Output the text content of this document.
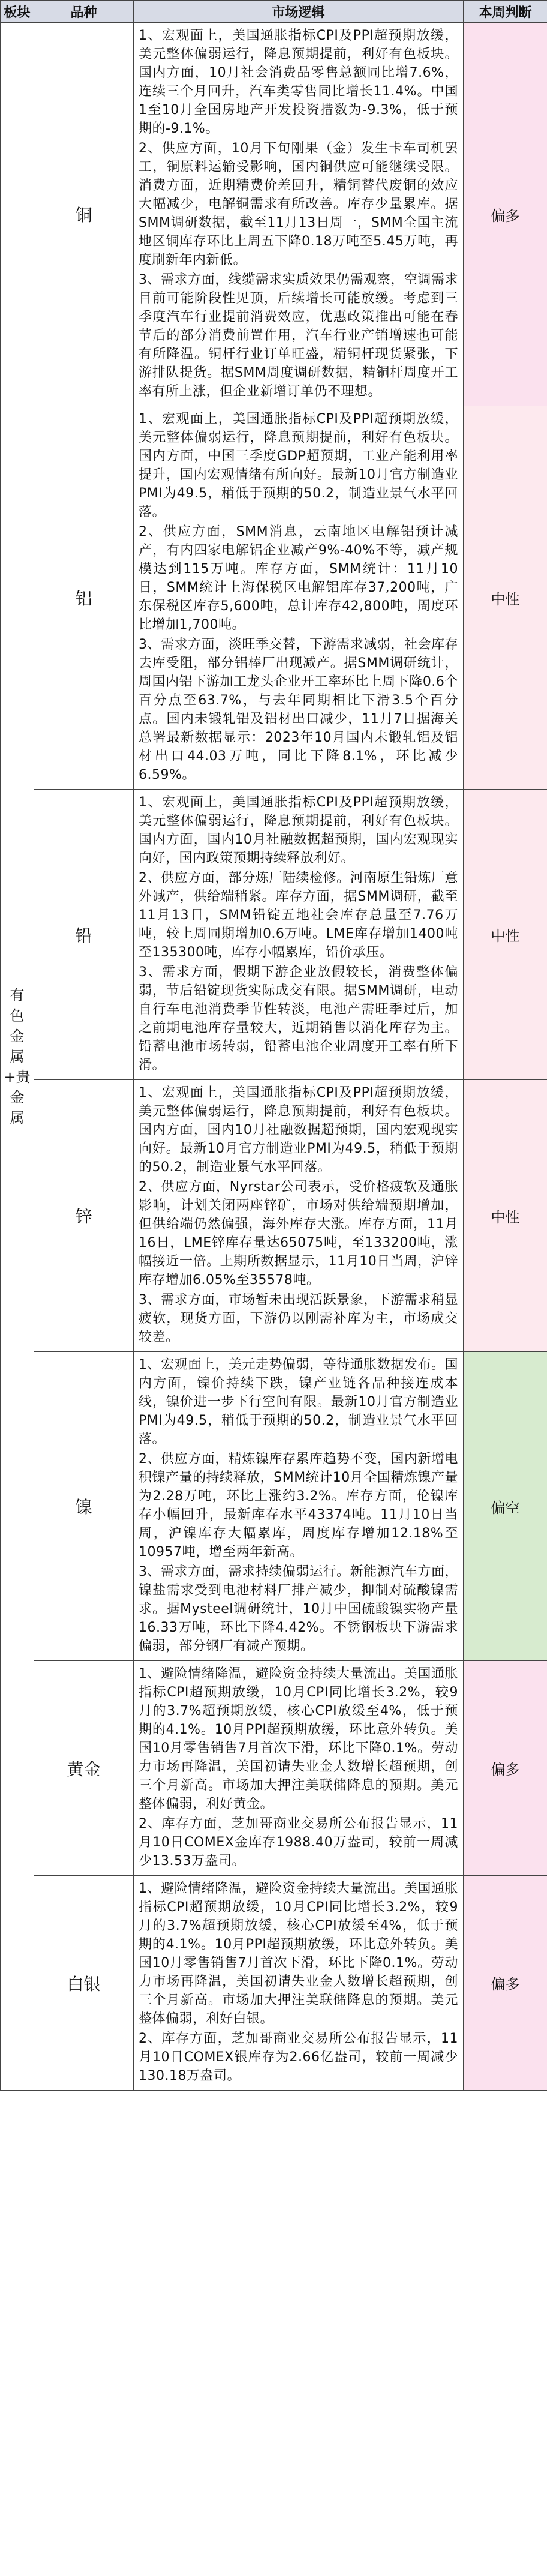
板块	品种	市场逻辑	本周判断
有色金属+贵金属	铜	1、宏观面上，美国通胀指标CPI及PPI超预期放缓，美元整体偏弱运行，降息预期提前，利好有色板块。国内方面，10月社会消费品零售总额同比增7.6%，连续三个月回升，汽车类零售同比增长11.4%。中国1至10月全国房地产开发投资措数为-9.3%，低于预期的-9.1%。
2、供应方面，10月下旬刚果（金）发生卡车司机罢工，铜原料运输受影响，国内铜供应可能继续受限。消费方面，近期精费价差回升，精铜替代废铜的效应大幅减少，电解铜需求有所改善。库存少量累库。据SMM调研数据，截至11月13日周一，SMM全国主流地区铜库存环比上周五下降0.18万吨至5.45万吨，再度刷新年内新低。
3、需求方面，线缆需求实质效果仍需观察，空调需求目前可能阶段性见顶，后续增长可能放缓。考虑到三季度汽车行业提前消费效应，优惠政策推出可能在春节后的部分消费前置作用，汽车行业产销增速也可能有所降温。铜杆行业订单旺盛，精铜杆现货紧张，下游排队提货。据SMM周度调研数据，精铜杆周度开工率有所上涨，但企业新增订单仍不理想。	偏多
	铝	1、宏观面上，美国通胀指标CPI及PPI超预期放缓，美元整体偏弱运行，降息预期提前，利好有色板块。国内方面，中国三季度GDP超预期，工业产能利用率提升，国内宏观情绪有所向好。最新10月官方制造业PMI为49.5，稍低于预期的50.2，制造业景气水平回落。
2、供应方面，SMM消息，云南地区电解铝预计减产，有内四家电解铝企业减产9%-40%不等，减产规模达到115万吨。库存方面，SMM统计：11月10日，SMM统计上海保税区电解铝库存37,200吨，广东保税区库存5,600吨，总计库存42,800吨，周度环比增加1,700吨。
3、需求方面，淡旺季交替，下游需求减弱，社会库存去库受阻，部分铝棒厂出现减产。据SMM调研统计，周国内铝下游加工龙头企业开工率环比上周下降0.6个百分点至63.7%，与去年同期相比下滑3.5个百分点。国内未锻轧铝及铝材出口减少，11月7日据海关总署最新数据显示：2023年10月国内未锻轧铝及铝材出口44.03万吨，同比下降8.1%，环比减少6.59%。	中性
	铅	1、宏观面上，美国通胀指标CPI及PPI超预期放缓，美元整体偏弱运行，降息预期提前，利好有色板块。国内方面，国内10月社融数据超预期，国内宏观现实向好，国内政策预期持续释放利好。
2、供应方面，部分炼厂陆续检修。河南原生铅炼厂意外减产，供给端稍紧。库存方面，据SMM调研，截至11月13日，SMM铅锭五地社会库存总量至7.76万吨，较上周同期增加0.6万吨。LME库存增加1400吨至135300吨，库存小幅累库，铅价承压。
3、需求方面，假期下游企业放假较长，消费整体偏弱，节后铅锭现货实际成交有限。据SMM调研，电动自行车电池消费季节性转淡，电池产需旺季过后，加之前期电池库存量较大，近期销售以消化库存为主。铅蓄电池市场转弱，铅蓄电池企业周度开工率有所下滑。	中性
	锌	1、宏观面上，美国通胀指标CPI及PPI超预期放缓，美元整体偏弱运行，降息预期提前，利好有色板块。国内方面，国内10月社融数据超预期，国内宏观现实向好。最新10月官方制造业PMI为49.5，稍低于预期的50.2，制造业景气水平回落。
2、供应方面，Nyrstar公司表示，受价格疲软及通胀影响，计划关闭两座锌矿，市场对供给端预期增加，但供给端仍然偏强，海外库存大涨。库存方面，11月16日，LME锌库存量达65075吨，至133200吨，涨幅接近一倍。上期所数据显示，11月10日当周，沪锌库存增加6.05%至35578吨。
3、需求方面，市场暂未出现活跃景象，下游需求稍显疲软，现货方面，下游仍以刚需补库为主，市场成交较差。	中性
	镍	1、宏观面上，美元走势偏弱，等待通胀数据发布。国内方面，镍价持续下跌，镍产业链各品种接连成本线，镍价进一步下行空间有限。最新10月官方制造业PMI为49.5，稍低于预期的50.2，制造业景气水平回落。
2、供应方面，精炼镍库存累库趋势不变，国内新增电积镍产量的持续释放，SMM统计10月全国精炼镍产量为2.28万吨，环比上涨约3.2%。库存方面，伦镍库存小幅回升，最新库存水平43374吨。11月10日当周，沪镍库存大幅累库，周度库存增加12.18%至10957吨，增至两年新高。
3、需求方面，需求持续偏弱运行。新能源汽车方面，镍盐需求受到电池材料厂排产减少，抑制对硫酸镍需求。据Mysteel调研统计，10月中国硫酸镍实物产量16.33万吨，环比下降4.42%。不锈钢板块下游需求偏弱，部分钢厂有减产预期。	偏空
	黄金	1、避险情绪降温，避险资金持续大量流出。美国通胀指标CPI超预期放缓，10月CPI同比增长3.2%，较9月的3.7%超预期放缓，核心CPI放缓至4%，低于预期的4.1%。10月PPI超预期放缓，环比意外转负。美国10月零售销售7月首次下滑，环比下降0.1%。劳动力市场再降温，美国初请失业金人数增长超预期，创三个月新高。市场加大押注美联储降息的预期。美元整体偏弱，利好黄金。
2、库存方面，芝加哥商业交易所公布报告显示，11月10日COMEX金库存1988.40万盎司，较前一周减少13.53万盎司。	偏多
	白银	1、避险情绪降温，避险资金持续大量流出。美国通胀指标CPI超预期放缓，10月CPI同比增长3.2%，较9月的3.7%超预期放缓，核心CPI放缓至4%，低于预期的4.1%。10月PPI超预期放缓，环比意外转负。美国10月零售销售7月首次下滑，环比下降0.1%。劳动力市场再降温，美国初请失业金人数增长超预期，创三个月新高。市场加大押注美联储降息的预期。美元整体偏弱，利好白银。
2、库存方面，芝加哥商业交易所公布报告显示，11月10日COMEX银库存为2.66亿盎司，较前一周减少130.18万盎司。	偏多
